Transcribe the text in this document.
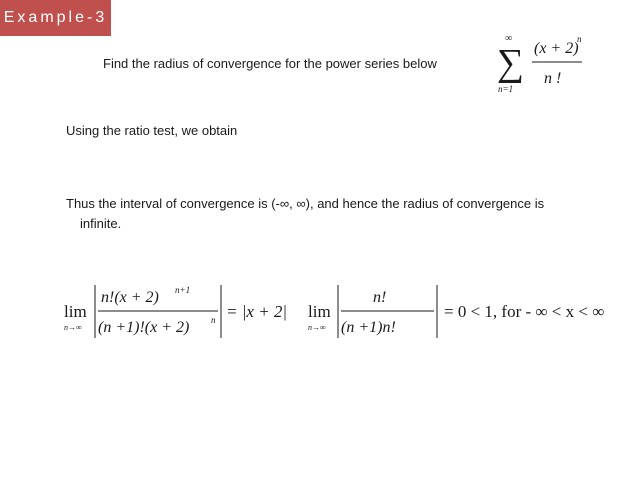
Example-3
Find the radius of convergence for the power series below ∑
∞
n=1
(x + 2)
n
n !
Using the ratio test, we obtain
Thus the interval of convergence is (-∞, ∞), and hence the radius of convergence is
infinite.
lim
n→∞
n!(x + 2) n+1
(n +1)!(x + 2) n = |x + 2| lim
n→∞
n!
(n +1)n!
= 0 < 1, for - ∞ < x < ∞
